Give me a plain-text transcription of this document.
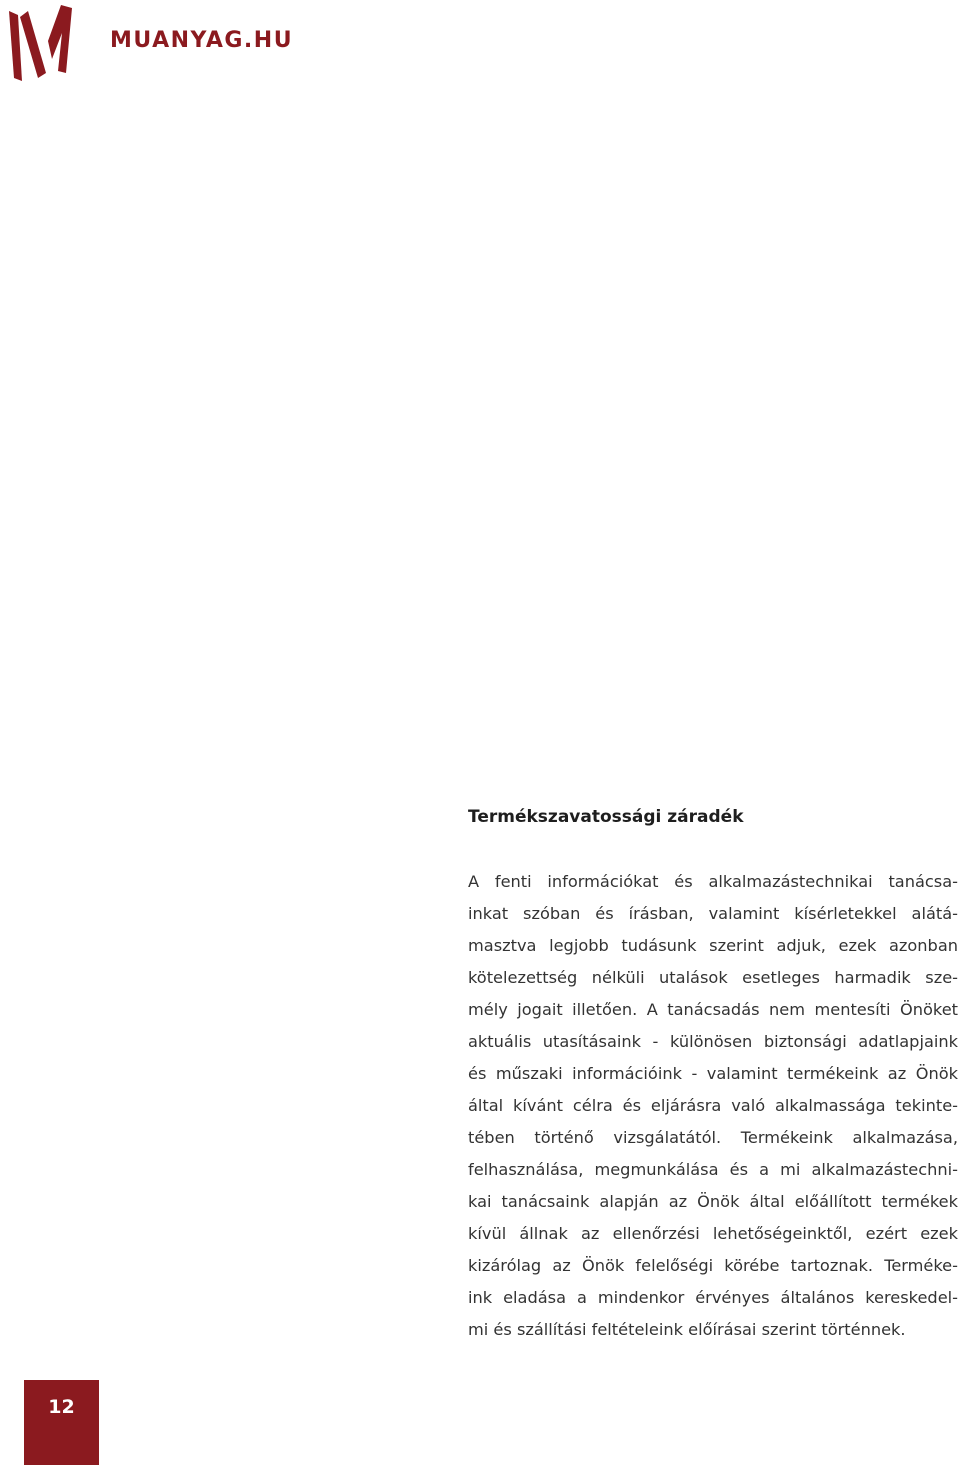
MUANYAG.HU
Termékszavatossági záradék
A fenti információkat és alkalmazástechnikai tanácsa-
inkat szóban és írásban, valamint kísérletekkel alátá-
masztva legjobb tudásunk szerint adjuk, ezek azonban
kötelezettség nélküli utalások esetleges harmadik sze-
mély jogait illetően. A tanácsadás nem mentesíti Önöket
aktuális utasításaink - különösen biztonsági adatlapjaink
és műszaki információink - valamint termékeink az Önök
által kívánt célra és eljárásra való alkalmassága tekinte-
tében történő vizsgálatától. Termékeink alkalmazása,
felhasználása, megmunkálása és a mi alkalmazástechni-
kai tanácsaink alapján az Önök által előállított termékek
kívül állnak az ellenőrzési lehetőségeinktől, ezért ezek
kizárólag az Önök felelőségi körébe tartoznak. Terméke-
ink eladása a mindenkor érvényes általános kereskedel-
mi és szállítási feltételeink előírásai szerint történnek.
12
